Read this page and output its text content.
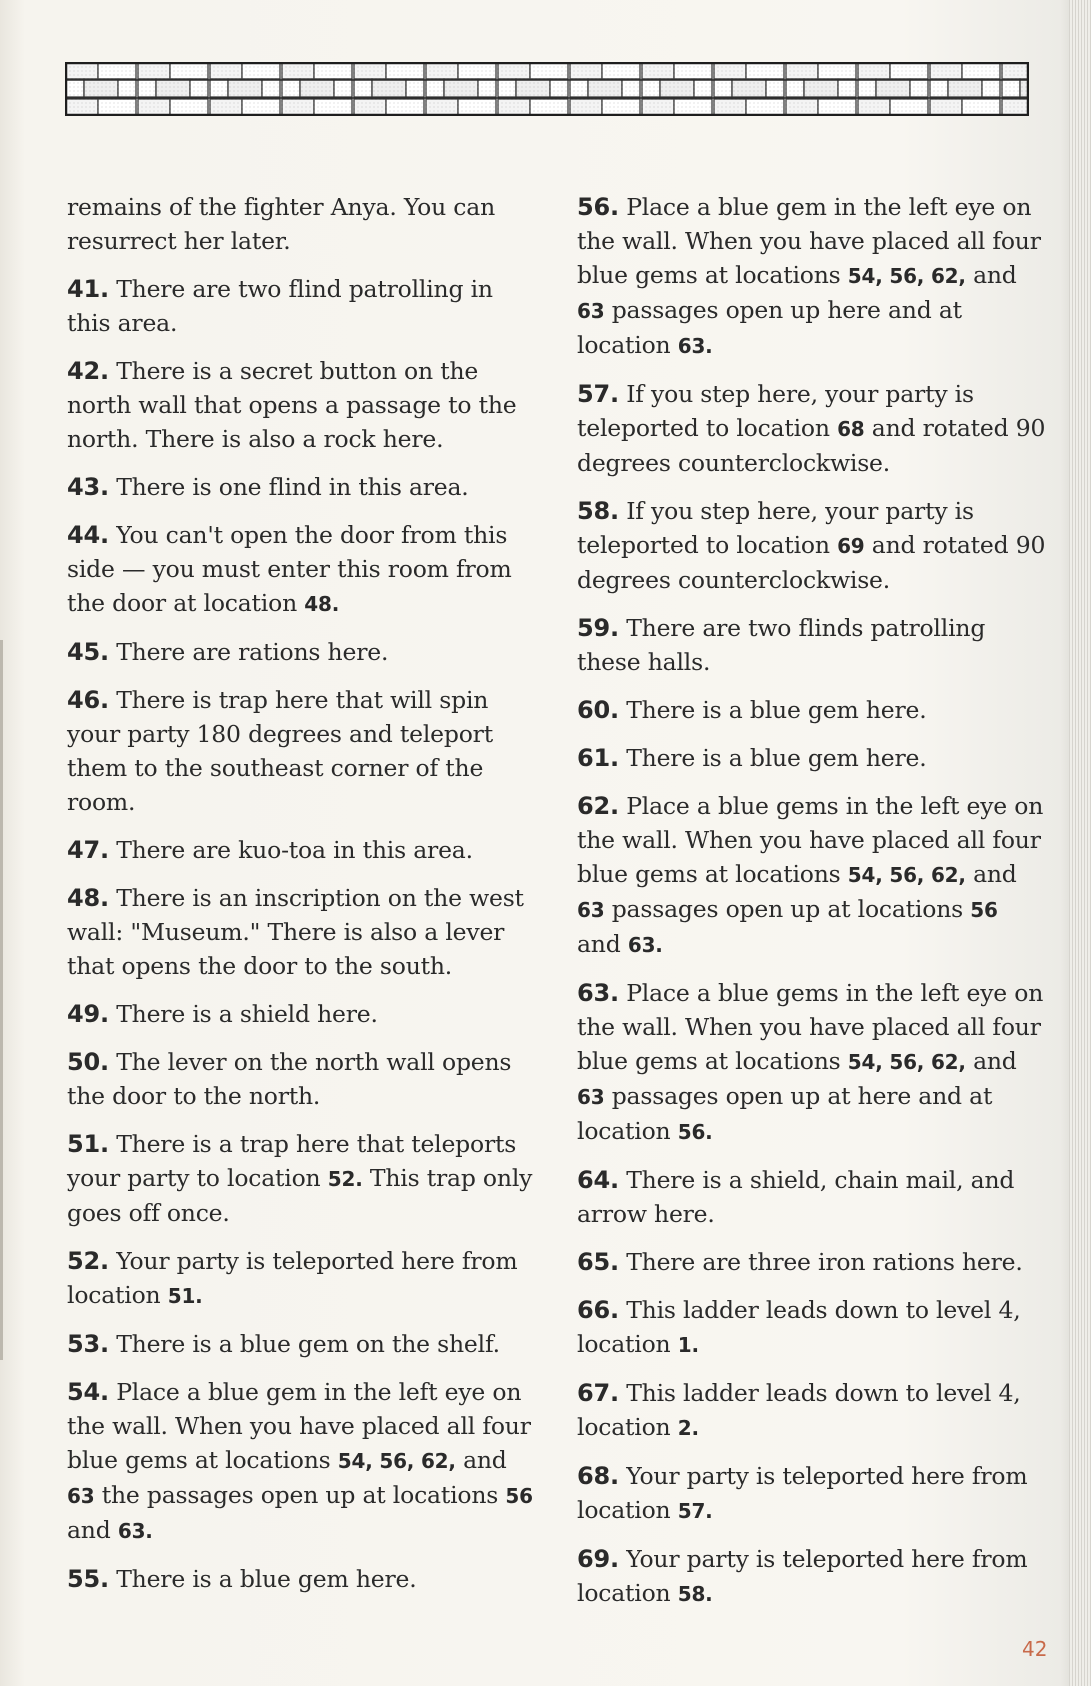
remains of the fighter Anya. You can resurrect her later.

41. There are two flind patrolling in this area.

42. There is a secret button on the north wall that opens a passage to the north. There is also a rock here.

43. There is one flind in this area.

44. You can't open the door from this side — you must enter this room from the door at location 48.

45. There are rations here.

46. There is trap here that will spin your party 180 degrees and teleport them to the southeast corner of the room.

47. There are kuo-toa in this area.

48. There is an inscription on the west wall: "Museum." There is also a lever that opens the door to the south.

49. There is a shield here.

50. The lever on the north wall opens the door to the north.

51. There is a trap here that teleports your party to location 52. This trap only goes off once.

52. Your party is teleported here from location 51.

53. There is a blue gem on the shelf.

54. Place a blue gem in the left eye on the wall. When you have placed all four blue gems at locations 54, 56, 62, and 63 the passages open up at locations 56 and 63.

55. There is a blue gem here.

56. Place a blue gem in the left eye on the wall. When you have placed all four blue gems at locations 54, 56, 62, and 63 passages open up here and at location 63.

57. If you step here, your party is teleported to location 68 and rotated 90 degrees counterclockwise.

58. If you step here, your party is teleported to location 69 and rotated 90 degrees counterclockwise.

59. There are two flinds patrolling these halls.

60. There is a blue gem here.

61. There is a blue gem here.

62. Place a blue gems in the left eye on the wall. When you have placed all four blue gems at locations 54, 56, 62, and 63 passages open up at locations 56 and 63.

63. Place a blue gems in the left eye on the wall. When you have placed all four blue gems at locations 54, 56, 62, and 63 passages open up at here and at location 56.

64. There is a shield, chain mail, and arrow here.

65. There are three iron rations here.

66. This ladder leads down to level 4, location 1.

67. This ladder leads down to level 4, location 2.

68. Your party is teleported here from location 57.

69. Your party is teleported here from location 58.

42
